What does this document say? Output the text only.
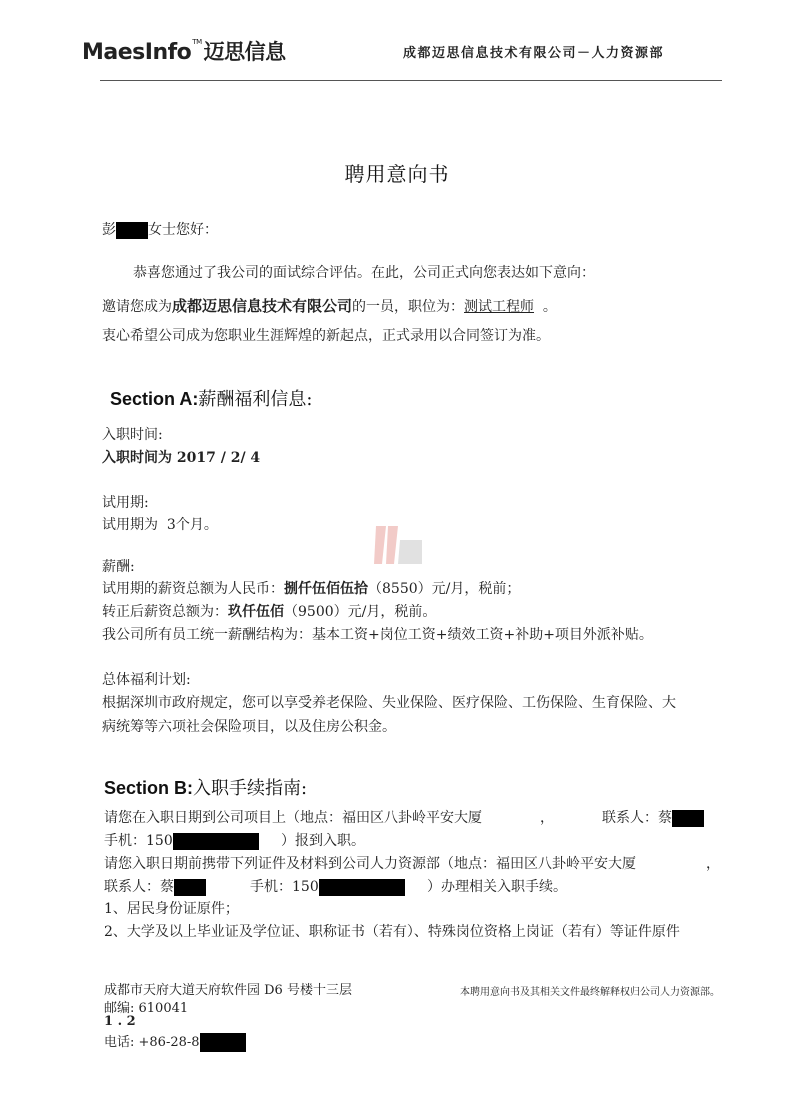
MaesInfo™迈思信息	成都迈思信息技术有限公司－人力资源部
聘用意向书
彭 女士您好：
恭喜您通过了我公司的面试综合评估。在此，公司正式向您表达如下意向：
邀请您成为成都迈思信息技术有限公司的一员，职位为：测试工程师 。
衷心希望公司成为您职业生涯辉煌的新起点，正式录用以合同签订为准。
Section A:薪酬福利信息:
入职时间:
入职时间为 2017 / 2/ 4
试用期:
试用期为 3个月。
薪酬:
试用期的薪资总额为人民币：捌仟伍佰伍拾（8550）元/月，税前；
转正后薪资总额为：玖仟伍佰（9500）元/月，税前。
我公司所有员工统一薪酬结构为：基本工资+岗位工资+绩效工资+补助+项目外派补贴。
总体福利计划:
根据深圳市政府规定，您可以享受养老保险、失业保险、医疗保险、工伤保险、生育保险、大
病统筹等六项社会保险项目，以及住房公积金。
Section B:入职手续指南:
请您在入职日期到公司项目上（地点：福田区八卦岭平安大厦	，	联系人：蔡
手机：150	）报到入职。
请您入职日期前携带下列证件及材料到公司人力资源部（地点：福田区八卦岭平安大厦	，
联系人：蔡	手机：150	）办理相关入职手续。
1、居民身份证原件；
2、大学及以上毕业证及学位证、职称证书（若有）、特殊岗位资格上岗证（若有）等证件原件
成都市天府大道天府软件园 D6 号楼十三层	本聘用意向书及其相关文件最终解释权归公司人力资源部。
邮编: 610041
1 . 2
电话: +86-28-8
